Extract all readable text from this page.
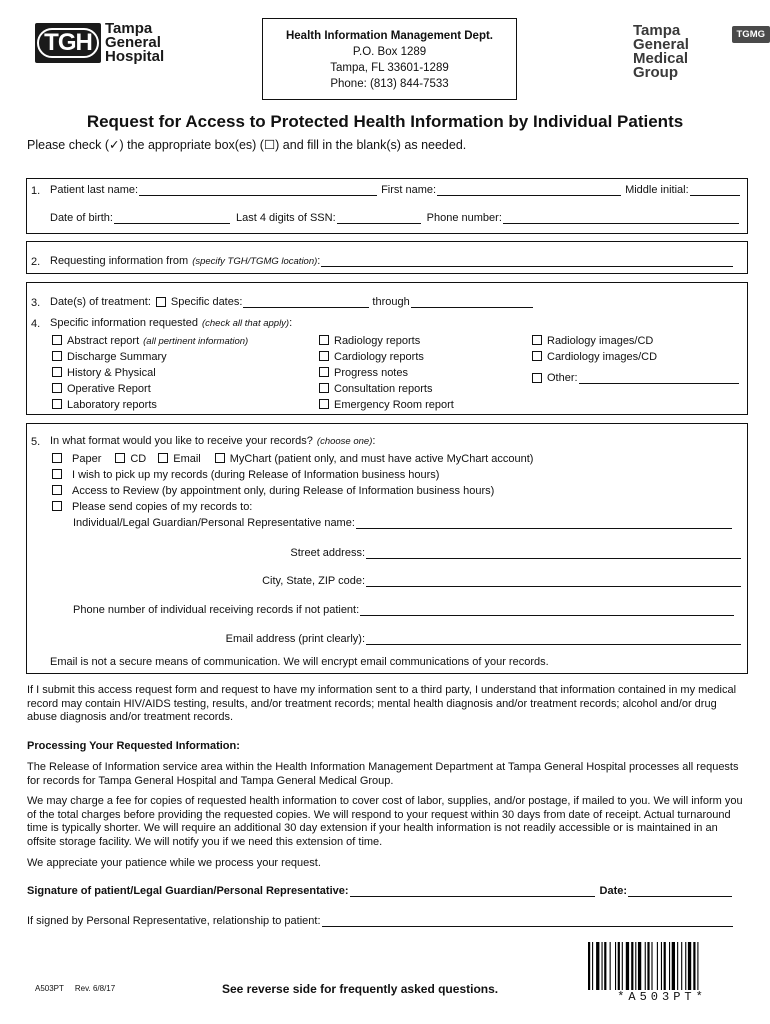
TGH
Tampa
General
Hospital
Health Information Management Dept.
P.O. Box 1289
Tampa, FL 33601-1289
Phone: (813) 844-7533
Tampa
General
Medical Group
TGMG
Request for Access to Protected Health Information by Individual Patients
Please check (✓) the appropriate box(es) (☐) and fill in the blank(s) as needed.
1. Patient last name:	First name:	Middle initial:
Date of birth:	Last 4 digits of SSN:	Phone number:
2. Requesting information from (specify TGH/TGMG location) :
3. Date(s) of treatment: Specific dates:	through
4. Specific information requested (check all that apply) :
Abstract report (all pertinent information)
Discharge Summary
History & Physical
Operative Report
Laboratory reports
Radiology reports
Cardiology reports
Progress notes
Consultation reports
Emergency Room report
Radiology images/CD
Cardiology images/CD
Other:
5. In what format would you like to receive your records? (choose one) :
Paper	CD Email	MyChart (patient only, and must have active MyChart account)
I wish to pick up my records (during Release of Information business hours)
Access to Review (by appointment only, during Release of Information business hours)
Please send copies of my records to:
Individual/Legal Guardian/Personal Representative name:
Street address:
City, State, ZIP code:
Phone number of individual receiving records if not patient:
Email address (print clearly):
Email is not a secure means of communication. We will encrypt email communications of your records.
If I submit this access request form and request to have my information sent to a third party, I understand that information contained in my medical record may contain HIV/AIDS testing, results, and/or treatment records; mental health diagnosis and/or treatment records; alcohol and/or drug abuse diagnosis and/or treatment records.
Processing Your Requested Information:
The Release of Information service area within the Health Information Management Department at Tampa General Hospital processes all requests for records for Tampa General Hospital and Tampa General Medical Group.
We may charge a fee for copies of requested health information to cover cost of labor, supplies, and/or postage, if mailed to you. We will inform you of the total charges before providing the requested copies. We will respond to your request within 30 days from date of receipt. Actual turnaround time is typically shorter. We will require an additional 30 day extension if your health information is not readily accessible or is maintained in an offsite storage facility. We will notify you if we need this extension of time.
We appreciate your patience while we process your request.
Signature of patient/Legal Guardian/Personal Representative:	Date:
If signed by Personal Representative, relationship to patient:
A503PT     Rev. 6/8/17	See reverse side for frequently asked questions.
*A503PT*
